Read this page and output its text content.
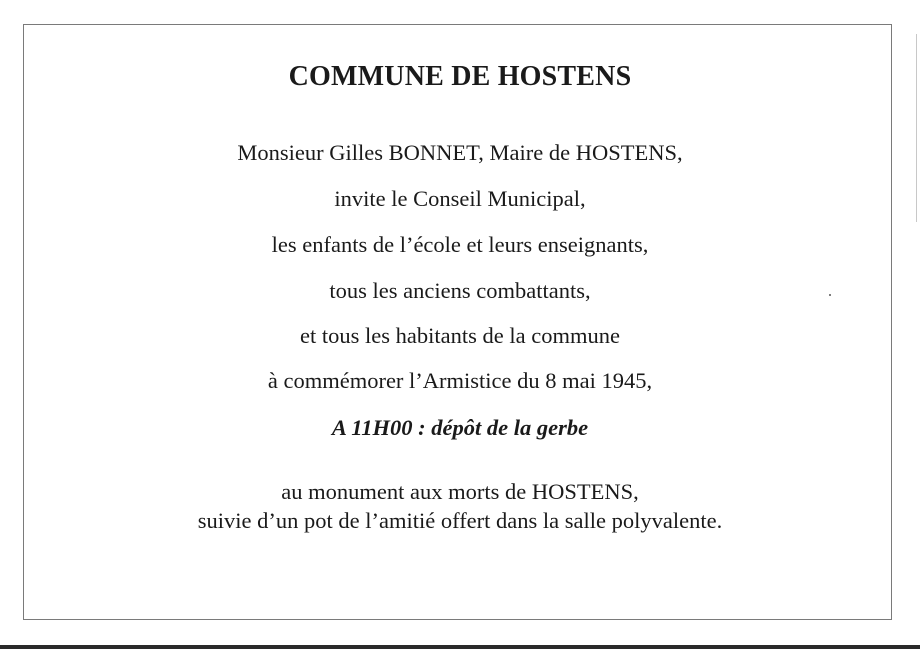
COMMUNE DE HOSTENS
Monsieur Gilles BONNET, Maire de HOSTENS,
invite le Conseil Municipal,
les enfants de l’école et leurs enseignants,
tous les anciens combattants,
et tous les habitants de la commune
à commémorer l’Armistice du 8 mai 1945,
A 11H00 : dépôt de la gerbe
au monument aux morts de HOSTENS,
suivie d’un pot de l’amitié offert dans la salle polyvalente.
